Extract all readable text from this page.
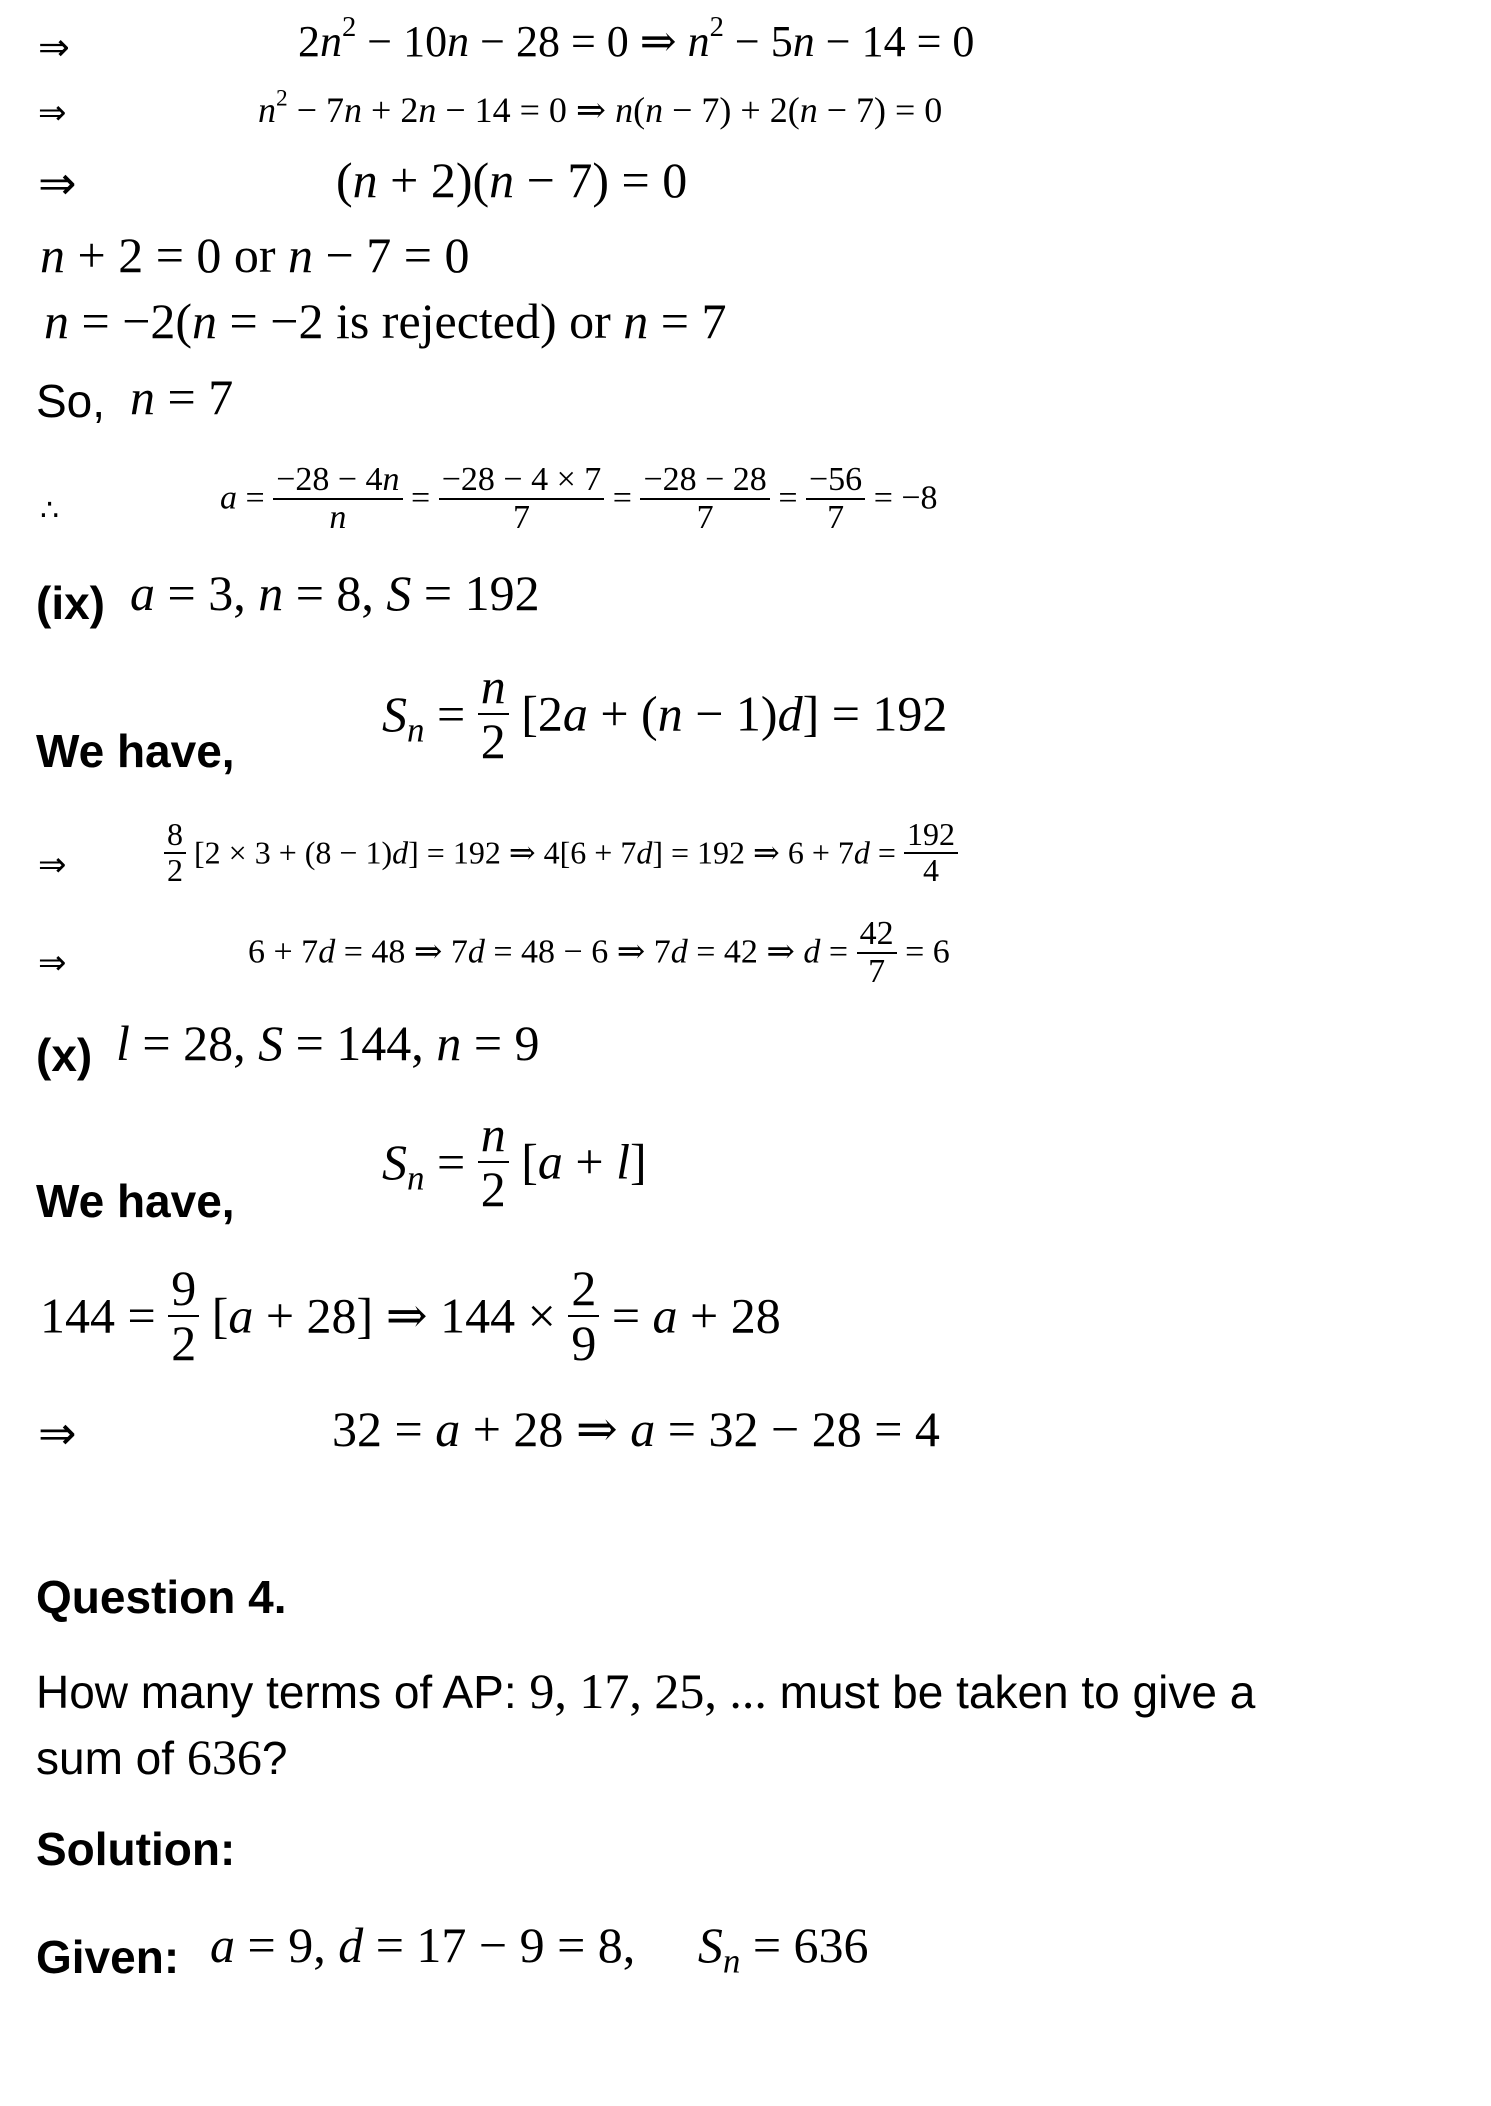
⇒	$2n^2 - 10n - 28 = 0$ ⇒ $n^2 - 5n - 14 = 0$
⇒	$n^2 - 7n + 2n - 14 = 0$ ⇒ n(n − 7) + 2(n − 7) = 0
⇒	(n + 2)(n − 7) = 0
n + 2 = 0 or n − 7 = 0
n = −2(n = −2 is rejected) or n = 7
So, n = 7
∴	$a = \frac{-28 - 4n}{n} = \frac{-28 - 4 \times 7}{7} = \frac{-28 - 28}{7} = \frac{-56}{7} = -8$
(ix) a = 3, n = 8, S = 192
We have,
$S_n = \frac{n}{2} [2a + (n - 1)d] = 192$
⇒	$\frac{8}{2} [2 \times 3 + (8 - 1)d] = 192$ ⇒ 4[6 + 7d] = 192 ⇒ $6 + 7d = \frac{192}{4}$
⇒	6 + 7d = 48 ⇒ 7d = 48 − 6 ⇒ 7d = 42 ⇒ $d = \frac{42}{7} = 6$
(x) l = 28, S = 144, n = 9
We have,
$S_n = \frac{n}{2} [a + l]$
$144 = \frac{9}{2} [a + 28]$ ⇒ $144 \times \frac{2}{9} = a + 28$
⇒	32 = a + 28 ⇒ a = 32 − 28 = 4
Question 4.
How many terms of AP: 9, 17, 25, ... must be taken to give a
sum of 636?
Solution:
Given: a = 9, d = 17 − 9 = 8,     $S_n = 636$
